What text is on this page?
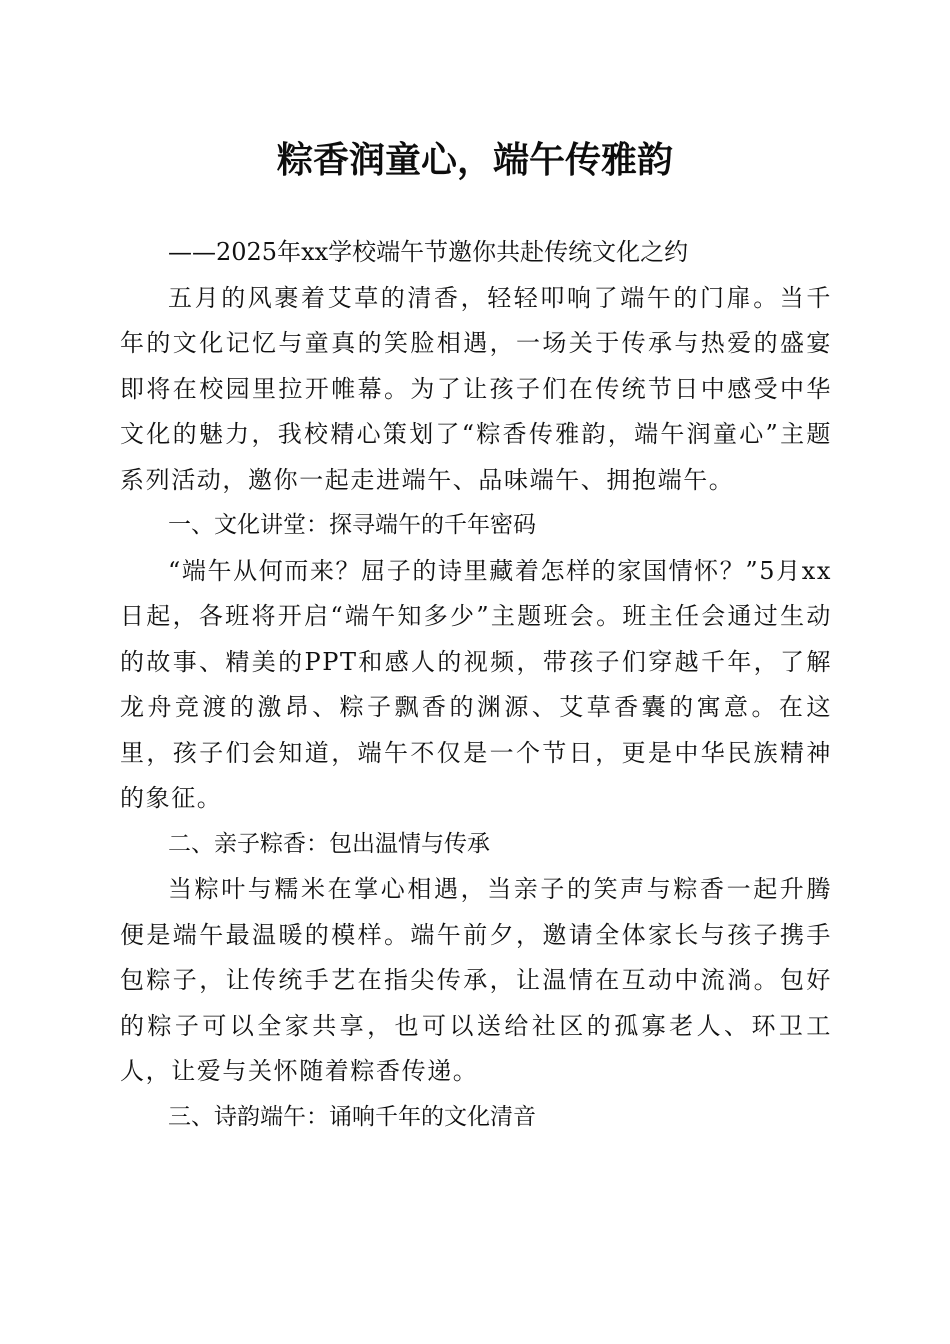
粽香润童心，端午传雅韵
——2025年xx学校端午节邀你共赴传统文化之约

五月的风裹着艾草的清香，轻轻叩响了端午的门扉。当千年的文化记忆与童真的笑脸相遇，一场关于传承与热爱的盛宴即将在校园里拉开帷幕。为了让孩子们在传统节日中感受中华文化的魅力，我校精心策划了“粽香传雅韵，端午润童心”主题系列活动，邀你一起走进端午、品味端午、拥抱端午。

一、文化讲堂：探寻端午的千年密码

“端午从何而来？屈子的诗里藏着怎样的家国情怀？”5月xx日起，各班将开启“端午知多少”主题班会。班主任会通过生动的故事、精美的PPT和感人的视频，带孩子们穿越千年，了解龙舟竞渡的激昂、粽子飘香的渊源、艾草香囊的寓意。在这里，孩子们会知道，端午不仅是一个节日，更是中华民族精神的象征。

二、亲子粽香：包出温情与传承

当粽叶与糯米在掌心相遇，当亲子的笑声与粽香一起升腾便是端午最温暖的模样。端午前夕，邀请全体家长与孩子携手包粽子，让传统手艺在指尖传承，让温情在互动中流淌。包好的粽子可以全家共享，也可以送给社区的孤寡老人、环卫工人，让爱与关怀随着粽香传递。

三、诗韵端午：诵响千年的文化清音
